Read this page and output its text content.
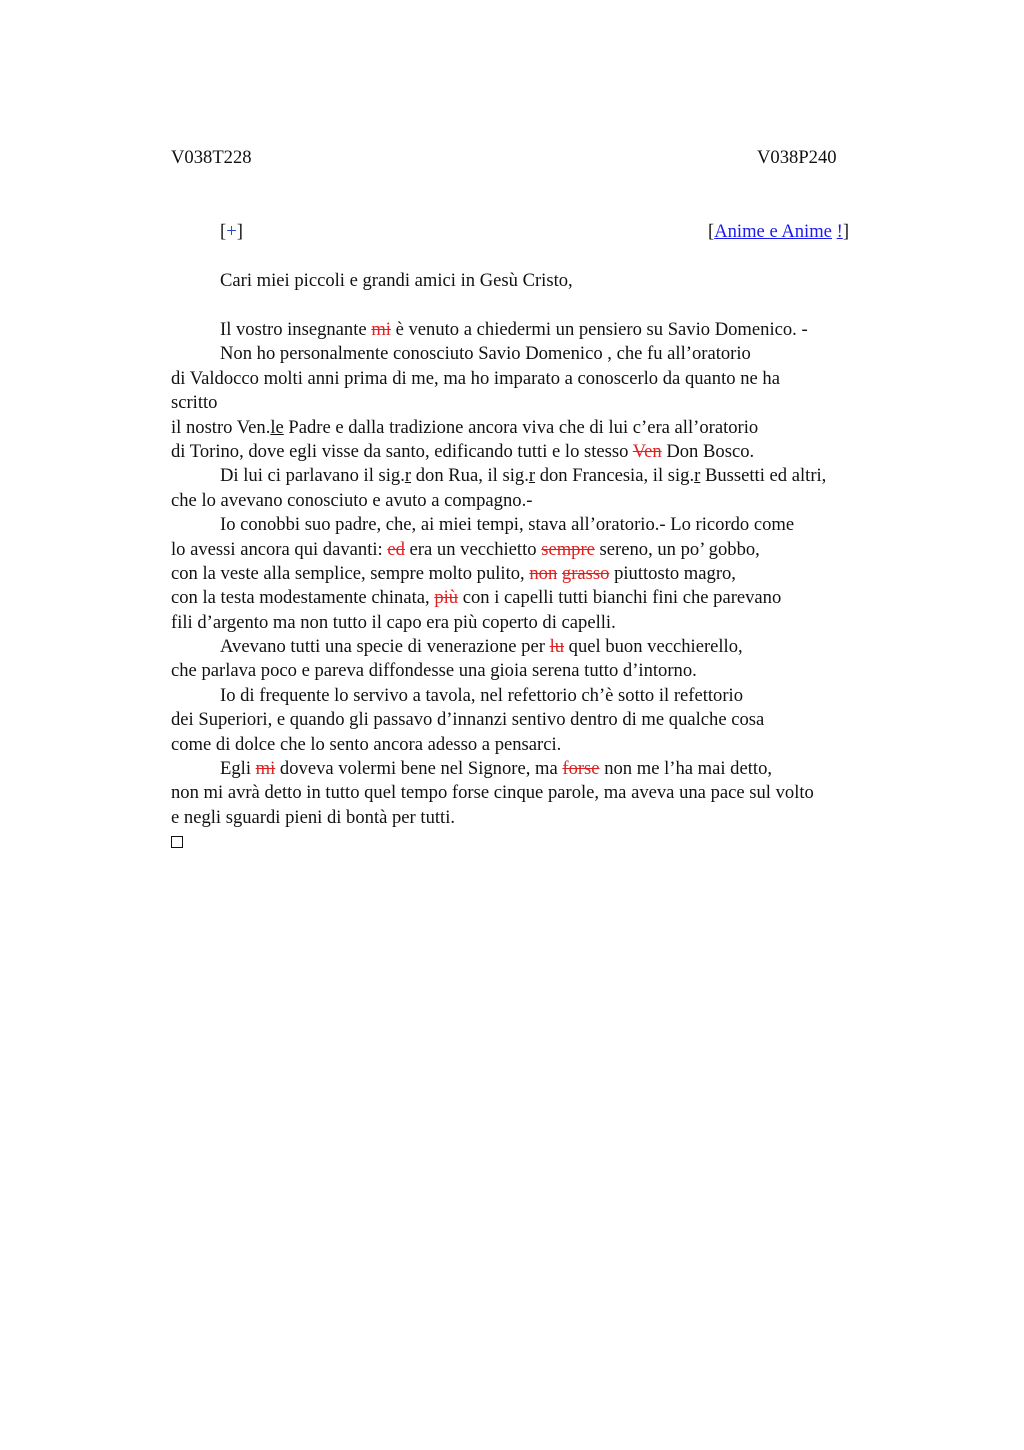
V038T228	V038P240
[+]	[Anime e Anime !]
Cari miei piccoli e grandi amici in Gesù Cristo,
Il vostro insegnante mi è venuto a chiedermi un pensiero su Savio Domenico. -
Non ho personalmente conosciuto Savio Domenico , che fu all’oratorio
di Valdocco molti anni prima di me, ma ho imparato a conoscerlo da quanto ne ha
scritto
il nostro Ven.le Padre e dalla tradizione ancora viva che di lui c’era all’oratorio
di Torino, dove egli visse da santo, edificando tutti e lo stesso Ven Don Bosco.
Di lui ci parlavano il sig.r don Rua, il sig.r don Francesia, il sig.r Bussetti ed altri,
che lo avevano conosciuto e avuto a compagno.-
Io conobbi suo padre, che, ai miei tempi, stava all’oratorio.- Lo ricordo come
lo avessi ancora qui davanti: ed era un vecchietto sempre sereno, un po’ gobbo,
con la veste alla semplice, sempre molto pulito, non grasso piuttosto magro,
con la testa modestamente chinata, più con i capelli tutti bianchi fini che parevano
fili d’argento ma non tutto il capo era più coperto di capelli.
Avevano tutti una specie di venerazione per lu quel buon vecchierello,
che parlava poco e pareva diffondesse una gioia serena tutto d’intorno.
Io di frequente lo servivo a tavola, nel refettorio ch’è sotto il refettorio
dei Superiori, e quando gli passavo d’innanzi sentivo dentro di me qualche cosa
come di dolce che lo sento ancora adesso a pensarci.
Egli mi doveva volermi bene nel Signore, ma forse non me l’ha mai detto,
non mi avrà detto in tutto quel tempo forse cinque parole, ma aveva una pace sul volto
e negli sguardi pieni di bontà per tutti.
